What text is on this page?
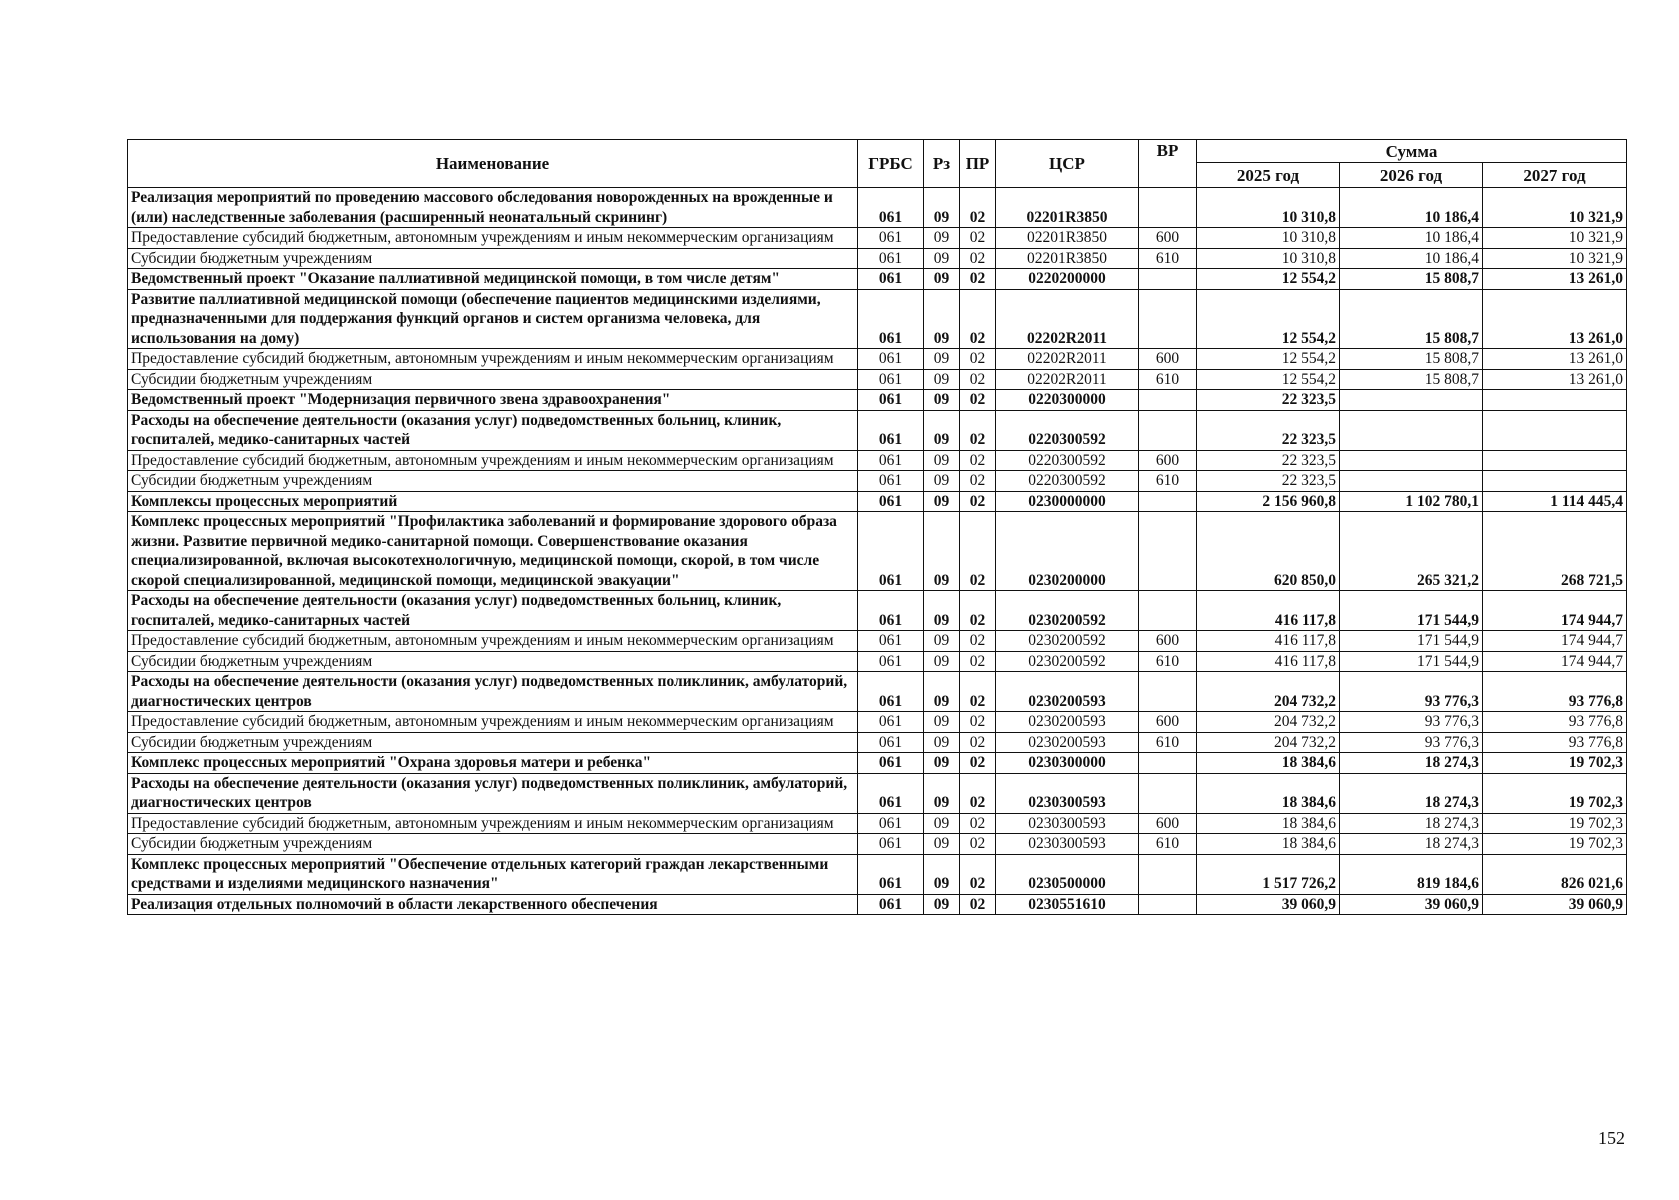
Наименование	ГРБС	Рз	ПР	ЦСР	ВР	Сумма		
						2025 год	2026 год	2027 год
Реализация мероприятий по проведению массового обследования новорожденных на врожденные и (или) наследственные заболевания (расширенный неонатальный скрининг)	061	09	02	02201R3850		10 310,8	10 186,4	10 321,9
Предоставление субсидий бюджетным, автономным учреждениям и иным некоммерческим организациям	061	09	02	02201R3850	600	10 310,8	10 186,4	10 321,9
Субсидии бюджетным учреждениям	061	09	02	02201R3850	610	10 310,8	10 186,4	10 321,9
Ведомственный проект "Оказание паллиативной медицинской помощи, в том числе детям"	061	09	02	0220200000		12 554,2	15 808,7	13 261,0
Развитие паллиативной медицинской помощи (обеспечение пациентов медицинскими изделиями, предназначенными для поддержания функций органов и систем организма человека, для использования на дому)	061	09	02	02202R2011		12 554,2	15 808,7	13 261,0
Предоставление субсидий бюджетным, автономным учреждениям и иным некоммерческим организациям	061	09	02	02202R2011	600	12 554,2	15 808,7	13 261,0
Субсидии бюджетным учреждениям	061	09	02	02202R2011	610	12 554,2	15 808,7	13 261,0
Ведомственный проект "Модернизация первичного звена здравоохранения"	061	09	02	0220300000		22 323,5		
Расходы на обеспечение деятельности (оказания услуг) подведомственных больниц, клиник, госпиталей, медико-санитарных частей	061	09	02	0220300592		22 323,5		
Предоставление субсидий бюджетным, автономным учреждениям и иным некоммерческим организациям	061	09	02	0220300592	600	22 323,5		
Субсидии бюджетным учреждениям	061	09	02	0220300592	610	22 323,5		
Комплексы процессных мероприятий	061	09	02	0230000000		2 156 960,8	1 102 780,1	1 114 445,4
Комплекс процессных мероприятий "Профилактика заболеваний и формирование здорового образа жизни. Развитие первичной медико-санитарной помощи. Совершенствование оказания специализированной, включая высокотехнологичную, медицинской помощи, скорой, в том числе скорой специализированной, медицинской помощи, медицинской эвакуации"	061	09	02	0230200000		620 850,0	265 321,2	268 721,5
Расходы на обеспечение деятельности (оказания услуг) подведомственных больниц, клиник, госпиталей, медико-санитарных частей	061	09	02	0230200592		416 117,8	171 544,9	174 944,7
Предоставление субсидий бюджетным, автономным учреждениям и иным некоммерческим организациям	061	09	02	0230200592	600	416 117,8	171 544,9	174 944,7
Субсидии бюджетным учреждениям	061	09	02	0230200592	610	416 117,8	171 544,9	174 944,7
Расходы на обеспечение деятельности (оказания услуг) подведомственных поликлиник, амбулаторий, диагностических центров	061	09	02	0230200593		204 732,2	93 776,3	93 776,8
Предоставление субсидий бюджетным, автономным учреждениям и иным некоммерческим организациям	061	09	02	0230200593	600	204 732,2	93 776,3	93 776,8
Субсидии бюджетным учреждениям	061	09	02	0230200593	610	204 732,2	93 776,3	93 776,8
Комплекс процессных мероприятий "Охрана здоровья матери и ребенка"	061	09	02	0230300000		18 384,6	18 274,3	19 702,3
Расходы на обеспечение деятельности (оказания услуг) подведомственных поликлиник, амбулаторий, диагностических центров	061	09	02	0230300593		18 384,6	18 274,3	19 702,3
Предоставление субсидий бюджетным, автономным учреждениям и иным некоммерческим организациям	061	09	02	0230300593	600	18 384,6	18 274,3	19 702,3
Субсидии бюджетным учреждениям	061	09	02	0230300593	610	18 384,6	18 274,3	19 702,3
Комплекс процессных мероприятий "Обеспечение отдельных категорий граждан лекарственными средствами и изделиями медицинского назначения"	061	09	02	0230500000		1 517 726,2	819 184,6	826 021,6
Реализация отдельных полномочий в области лекарственного обеспечения	061	09	02	0230551610		39 060,9	39 060,9	39 060,9
152
